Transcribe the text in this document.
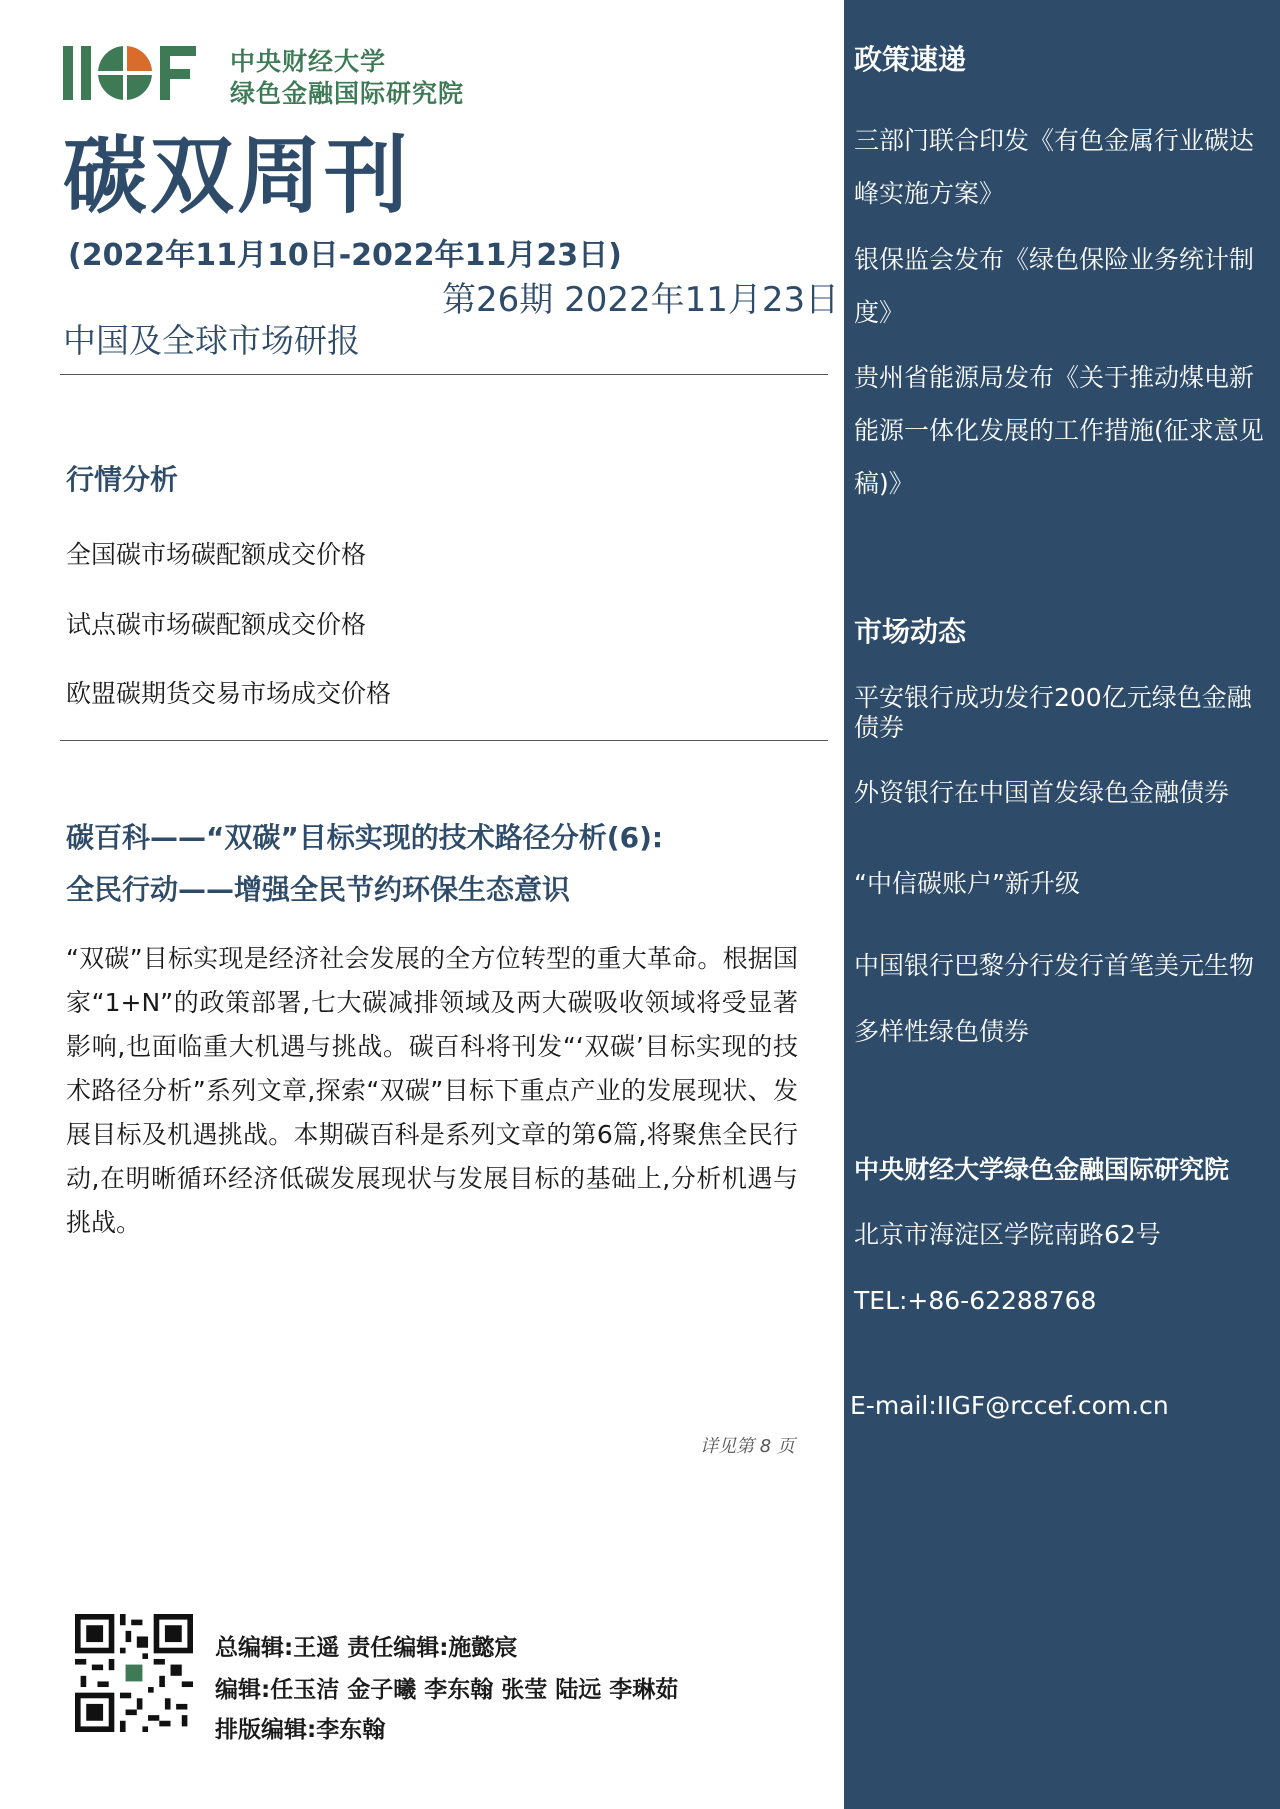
中央财经大学
绿色金融国际研究院
碳双周刊
(2022年11月10日-2022年11月23日)
第26期 2022年11月23日
中国及全球市场研报
行情分析
全国碳市场碳配额成交价格
试点碳市场碳配额成交价格
欧盟碳期货交易市场成交价格
碳百科——“双碳”目标实现的技术路径分析(6):
全民行动——增强全民节约环保生态意识
“双碳”目标实现是经济社会发展的全方位转型的重大革命。根据国家“1+N”的政策部署,七大碳减排领域及两大碳吸收领域将受显著影响,也面临重大机遇与挑战。碳百科将刊发“‘双碳’目标实现的技术路径分析”系列文章,探索“双碳”目标下重点产业的发展现状、发展目标及机遇挑战。本期碳百科是系列文章的第6篇,将聚焦全民行动,在明晰循环经济低碳发展现状与发展目标的基础上,分析机遇与挑战。
详见第 8 页
总编辑:王遥 责任编辑:施懿宸
编辑:任玉洁 金子曦 李东翰 张莹 陆远 李琳茹
排版编辑:李东翰
政策速递
三部门联合印发《有色金属行业碳达峰实施方案》
银保监会发布《绿色保险业务统计制度》
贵州省能源局发布《关于推动煤电新能源一体化发展的工作措施(征求意见稿)》
市场动态
平安银行成功发行200亿元绿色金融债券
外资银行在中国首发绿色金融债券
“中信碳账户”新升级
中国银行巴黎分行发行首笔美元生物多样性绿色债券
中央财经大学绿色金融国际研究院
北京市海淀区学院南路62号
TEL:+86-62288768
E-mail:IIGF@rccef.com.cn
